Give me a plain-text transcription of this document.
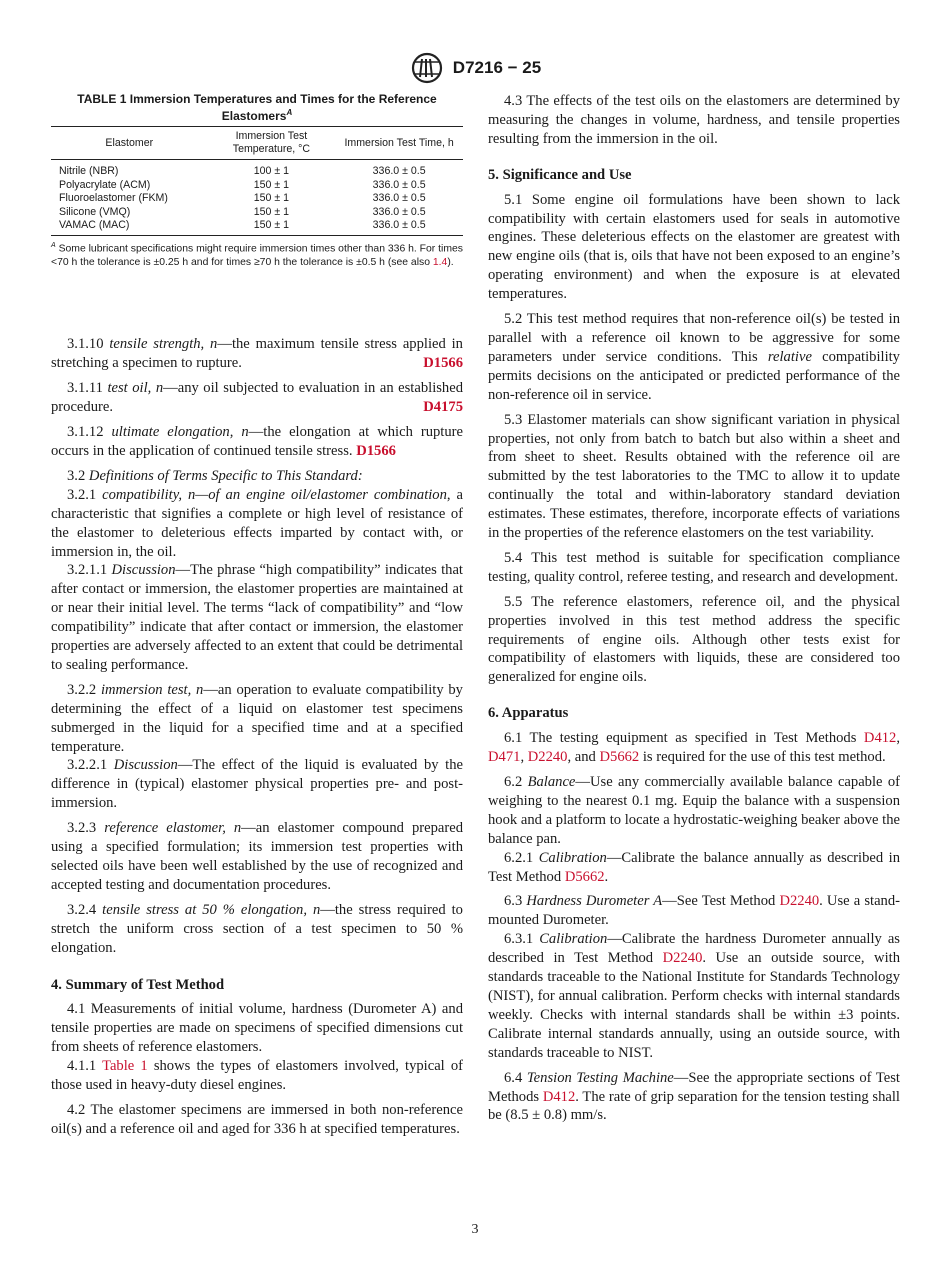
D7216 − 25
TABLE 1 Immersion Temperatures and Times for the Reference Elastomers$^A$
Elastomer	Immersion Test Temperature, °C	Immersion Test Time, h
Nitrile (NBR)	100 ± 1	336.0 ± 0.5
Polyacrylate (ACM)	150 ± 1	336.0 ± 0.5
Fluoroelastomer (FKM)	150 ± 1	336.0 ± 0.5
Silicone (VMQ)	150 ± 1	336.0 ± 0.5
VAMAC (MAC)	150 ± 1	336.0 ± 0.5
$^A$ Some lubricant specifications might require immersion times other than 336 h. For times <70 h the tolerance is ±0.25 h and for times ≥70 h the tolerance is ±0.5 h (see also 1.4).

3.1.10 tensile strength, n—the maximum tensile stress applied in stretching a specimen to rupture.	D1566

3.1.11 test oil, n—any oil subjected to evaluation in an established procedure.	D4175

3.1.12 ultimate elongation, n—the elongation at which rupture occurs in the application of continued tensile stress. D1566

3.2 Definitions of Terms Specific to This Standard:

3.2.1 compatibility, n—of an engine oil/elastomer combination, a characteristic that signifies a complete or high level of resistance of the elastomer to deleterious effects imparted by contact with, or immersion in, the oil.

3.2.1.1 Discussion—The phrase “high compatibility” indicates that after contact or immersion, the elastomer properties are maintained at or near their initial level. The terms “lack of compatibility” and “low compatibility” indicate that after contact or immersion, the elastomer properties are adversely affected to an extent that could be detrimental to sealing performance.

3.2.2 immersion test, n—an operation to evaluate compatibility by determining the effect of a liquid on elastomer test specimens submerged in the liquid for a specified time and at a specified temperature.

3.2.2.1 Discussion—The effect of the liquid is evaluated by the difference in (typical) elastomer physical properties pre- and post-immersion.

3.2.3 reference elastomer, n—an elastomer compound prepared using a specified formulation; its immersion test properties with selected oils have been well established by the use of recognized and accepted testing and documentation procedures.

3.2.4 tensile stress at 50 % elongation, n—the stress required to stretch the uniform cross section of a test specimen to 50 % elongation.

4. Summary of Test Method

4.1 Measurements of initial volume, hardness (Durometer A) and tensile properties are made on specimens of specified dimensions cut from sheets of reference elastomers.

4.1.1 Table 1 shows the types of elastomers involved, typical of those used in heavy-duty diesel engines.

4.2 The elastomer specimens are immersed in both non-reference oil(s) and a reference oil and aged for 336 h at specified temperatures.

4.3 The effects of the test oils on the elastomers are determined by measuring the changes in volume, hardness, and tensile properties resulting from the immersion in the oil.

5. Significance and Use

5.1 Some engine oil formulations have been shown to lack compatibility with certain elastomers used for seals in automotive engines. These deleterious effects on the elastomer are greatest with new engine oils (that is, oils that have not been exposed to an engine’s operating environment) and when the exposure is at elevated temperatures.

5.2 This test method requires that non-reference oil(s) be tested in parallel with a reference oil known to be aggressive for some parameters under service conditions. This relative compatibility permits decisions on the anticipated or predicted performance of the non-reference oil in service.

5.3 Elastomer materials can show significant variation in physical properties, not only from batch to batch but also within a sheet and from sheet to sheet. Results obtained with the reference oil are submitted by the test laboratories to the TMC to allow it to update continually the total and within-laboratory standard deviation estimates. These estimates, therefore, incorporate effects of variations in the properties of the reference elastomers on the test variability.

5.4 This test method is suitable for specification compliance testing, quality control, referee testing, and research and development.

5.5 The reference elastomers, reference oil, and the physical properties involved in this test method address the specific requirements of engine oils. Although other tests exist for compatibility of elastomers with liquids, these are considered too generalized for engine oils.

6. Apparatus

6.1 The testing equipment as specified in Test Methods D412, D471, D2240, and D5662 is required for the use of this test method.

6.2 Balance—Use any commercially available balance capable of weighing to the nearest 0.1 mg. Equip the balance with a suspension hook and a platform to locate a hydrostatic-weighing beaker above the balance pan.

6.2.1 Calibration—Calibrate the balance annually as described in Test Method D5662.

6.3 Hardness Durometer A—See Test Method D2240. Use a stand-mounted Durometer.

6.3.1 Calibration—Calibrate the hardness Durometer annually as described in Test Method D2240. Use an outside source, with standards traceable to the National Institute for Standards Technology (NIST), for annual calibration. Perform checks with internal standards weekly. Checks with internal standards shall be within ±3 points. Calibrate internal standards annually, using an outside source, with standards traceable to NIST.

6.4 Tension Testing Machine—See the appropriate sections of Test Methods D412. The rate of grip separation for the tension testing shall be (8.5 ± 0.8) mm/s.

3
